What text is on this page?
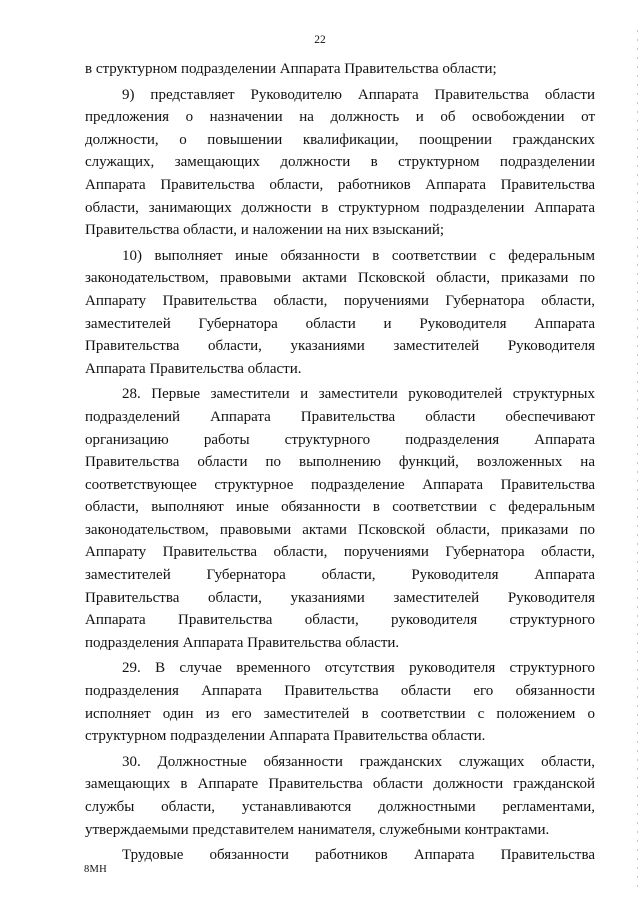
22
в структурном подразделении Аппарата Правительства области;
9) представляет Руководителю Аппарата Правительства области
предложения о назначении на должность и об освобождении от
должности, о повышении квалификации, поощрении гражданских
служащих, замещающих должности в структурном подразделении
Аппарата Правительства области, работников Аппарата Правительства
области, занимающих должности в структурном подразделении Аппарата
Правительства области, и наложении на них взысканий;
10) выполняет иные обязанности в соответствии с федеральным
законодательством, правовыми актами Псковской области, приказами по
Аппарату Правительства области, поручениями Губернатора области,
заместителей Губернатора области и Руководителя Аппарата
Правительства области, указаниями заместителей Руководителя
Аппарата Правительства области.
28. Первые заместители и заместители руководителей структурных
подразделений Аппарата Правительства области обеспечивают
организацию работы структурного подразделения Аппарата
Правительства области по выполнению функций, возложенных на
соответствующее структурное подразделение Аппарата Правительства
области, выполняют иные обязанности в соответствии с федеральным
законодательством, правовыми актами Псковской области, приказами по
Аппарату Правительства области, поручениями Губернатора области,
заместителей Губернатора области, Руководителя Аппарата
Правительства области, указаниями заместителей Руководителя
Аппарата Правительства области, руководителя структурного
подразделения Аппарата Правительства области.
29. В случае временного отсутствия руководителя структурного
подразделения Аппарата Правительства области его обязанности
исполняет один из его заместителей в соответствии с положением о
структурном подразделении Аппарата Правительства области.
30. Должностные обязанности гражданских служащих области,
замещающих в Аппарате Правительства области должности гражданской
службы области, устанавливаются должностными регламентами,
утверждаемыми представителем нанимателя, служебными контрактами.
Трудовые обязанности работников Аппарата Правительства
8МН
